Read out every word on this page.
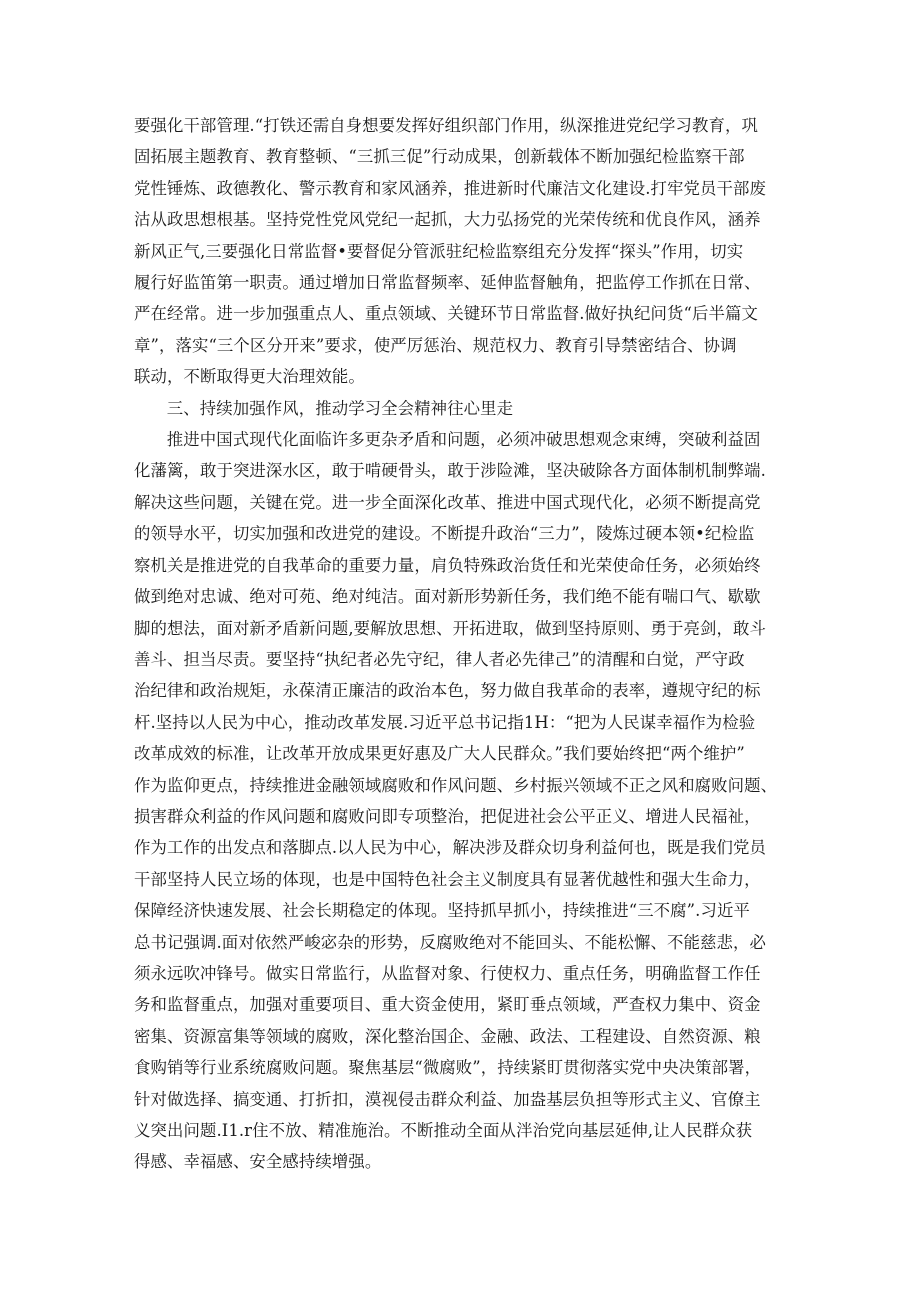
要强化干部管理.“打铁还需自身想要发挥好组织部门作用，纵深推进党纪学习教育，巩
固拓展主题教育、教育整顿、“三抓三促”行动成果，创新载体不断加强纪检监察干部
党性锤炼、政德教化、警示教育和家风涵养，推进新时代廉洁文化建设.打牢党员干部废
沽从政思想根基。坚持党性党风党纪一起抓，大力弘扬党的光荣传统和优良作风，涵养
新风正气,三要强化日常监督•要督促分管派驻纪检监察组充分发挥“探头”作用，切实
履行好监笛第一职责。通过增加日常监督频率、延伸监督触角，把监停工作抓在日常、
严在经常。进一步加强重点人、重点领域、关键环节日常监督.做好执纪问货“后半篇文
章”，落实“三个区分开来”要求，使严厉惩治、规范权力、教育引导禁密结合、协调
联动，不断取得更大治理效能。
三、持续加强作风，推动学习全会精神往心里走
推进中国式现代化面临许多更杂矛盾和问题，必须冲破思想观念束缚，突破利益固
化藩篱，敢于突进深水区，敢于啃硬骨头，敢于涉险滩，坚决破除各方面体制机制弊端.
解决这些问题，关键在党。进一步全面深化改革、推进中国式现代化，必须不断提高党
的领导水平，切实加强和改进党的建设。不断提升政治“三力”，陵炼过硬本领•纪检监
察机关是推进党的自我革命的重要力量，肩负特殊政治货任和光荣使命任务，必须始终
做到绝对忠诚、绝对可苑、绝对纯洁。面对新形势新任务，我们绝不能有喘口气、歇歇
脚的想法，面对新矛盾新问题,要解放思想、开拓进取，做到坚持原则、勇于亮剑，敢斗
善斗、担当尽责。要坚持“执纪者必先守纪，律人者必先律己”的清醒和白觉，严守政
治纪律和政治规矩，永葆清正廉洁的政治本色，努力做自我革命的表率，遵规守纪的标
杆.坚持以人民为中心，推动改革发展.习近平总书记指1H：“把为人民谋幸福作为检验
改革成效的标准，让改革开放成果更好惠及广大人民群众。”我们要始终把“两个维护”
作为监仰更点，持续推进金融领域腐败和作风问题、乡村振兴领域不正之风和腐败问题、
损害群众利益的作风问题和腐败问即专项整治，把促进社会公平正义、增进人民福祉，
作为工作的出发点和落脚点.以人民为中心，解决涉及群众切身利益何也，既是我们党员
干部坚持人民立场的体现，也是中国特色社会主义制度具有显著优越性和强大生命力，
保障经济快速发展、社会长期稳定的体现。坚持抓早抓小，持续推进“三不腐”.习近平
总书记强调.面对依然严峻宓杂的形势，反腐败绝对不能回头、不能松懈、不能慈悲，必
须永远吹冲锋号。做实日常监行，从监督对象、行使权力、重点任务，明确监督工作任
务和监督重点，加强对重要项目、重大资金使用，紧盯垂点领域，严查权力集中、资金
密集、资源富集等领域的腐败，深化整治国企、金融、政法、工程建设、自然资源、粮
食购销等行业系统腐败问题。聚焦基层“微腐败”，持续紧盯贯彻落实党中央决策部署，
针对做选择、搞变通、打折扣，漠视侵击群众利益、加盎基层负担等形式主义、官僚主
义突出问题.I1.r住不放、精准施治。不断推动全面从泮治党向基层延伸,让人民群众获
得感、幸福感、安全感持续增强。
